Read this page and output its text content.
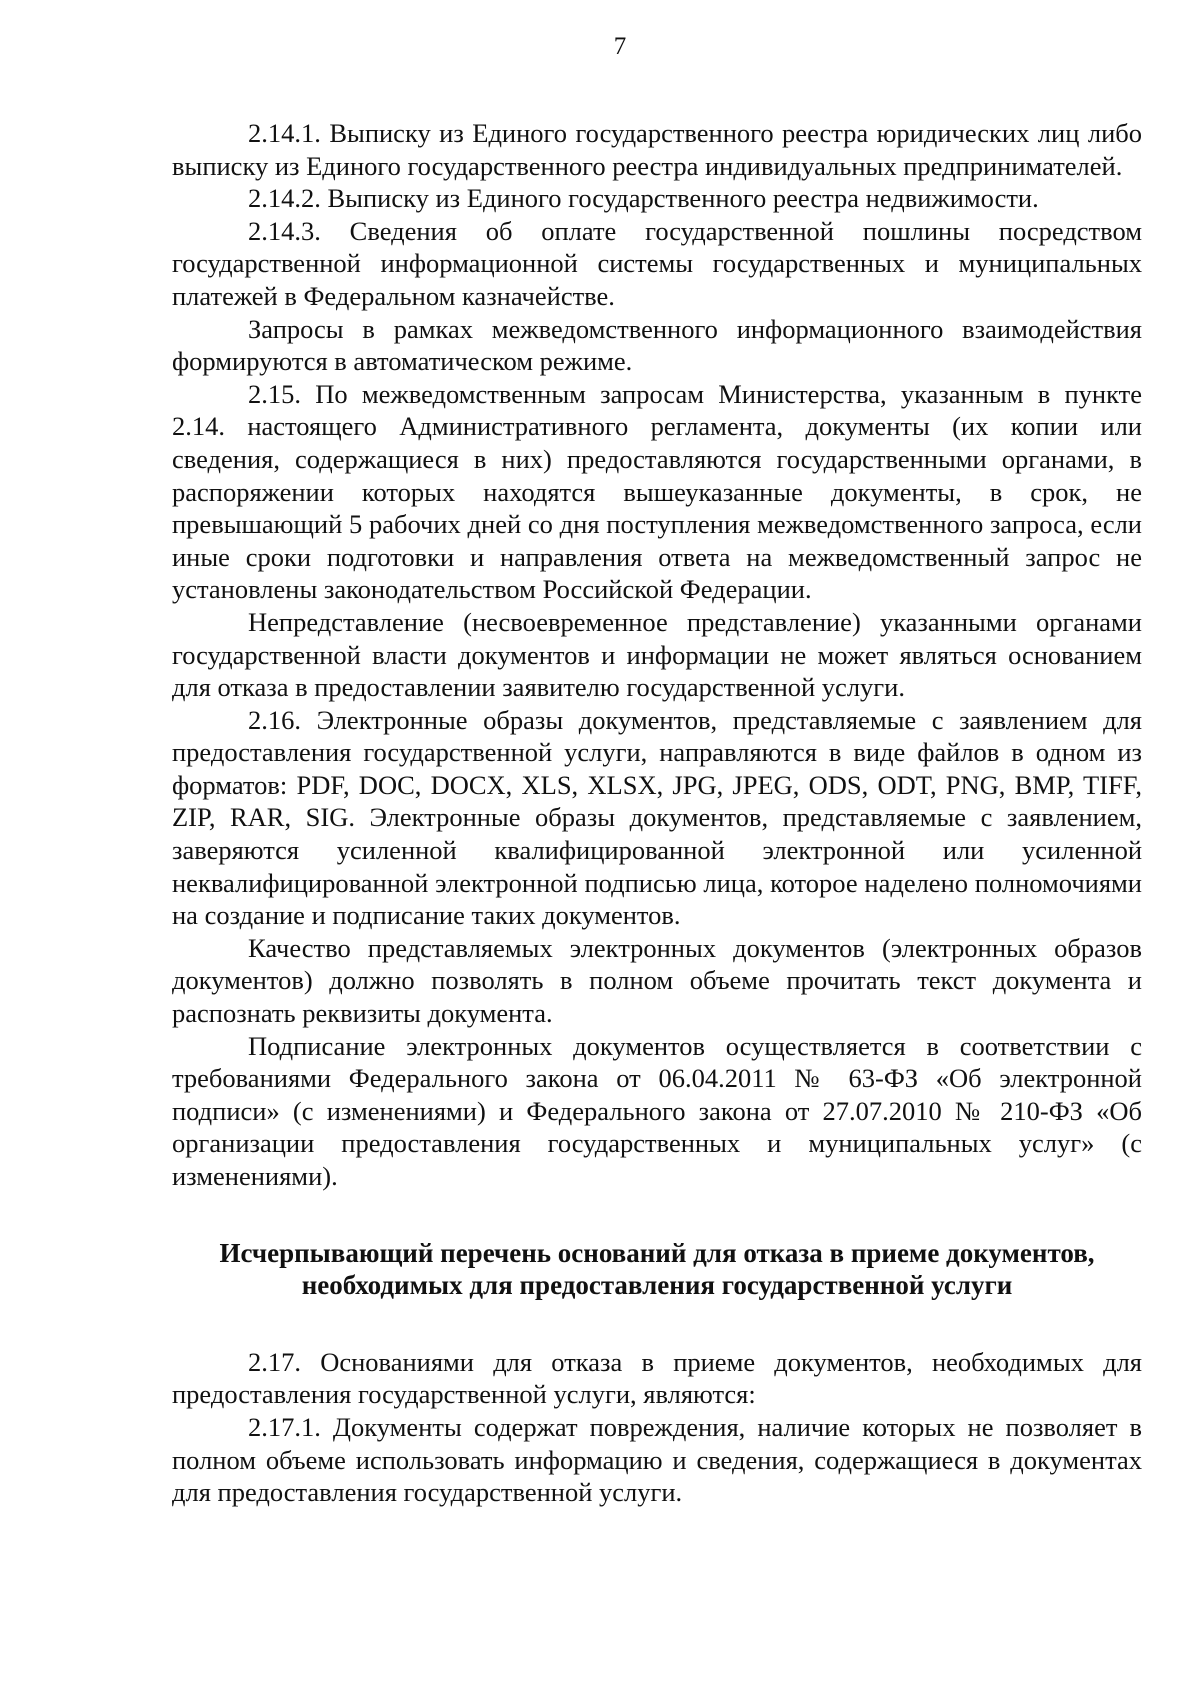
7

2.14.1. Выписку из Единого государственного реестра юридических лиц либо выписку из Единого государственного реестра индивидуальных предпринимателей.

2.14.2. Выписку из Единого государственного реестра недвижимости.

2.14.3. Сведения об оплате государственной пошлины посредством государственной информационной системы государственных и муниципальных платежей в Федеральном казначействе.

Запросы в рамках межведомственного информационного взаимодействия формируются в автоматическом режиме.

2.15. По межведомственным запросам Министерства, указанным в пункте 2.14. настоящего Административного регламента, документы (их копии или сведения, содержащиеся в них) предоставляются государственными органами, в распоряжении которых находятся вышеуказанные документы, в срок, не превышающий 5 рабочих дней со дня поступления межведомственного запроса, если иные сроки подготовки и направления ответа на межведомственный запрос не установлены законодательством Российской Федерации.

Непредставление (несвоевременное представление) указанными органами государственной власти документов и информации не может являться основанием для отказа в предоставлении заявителю государственной услуги.

2.16. Электронные образы документов, представляемые с заявлением для предоставления государственной услуги, направляются в виде файлов в одном из форматов: PDF, DOC, DOCX, XLS, XLSX, JPG, JPEG, ODS, ODT, PNG, BMP, TIFF, ZIP, RAR, SIG. Электронные образы документов, представляемые с заявлением, заверяются усиленной квалифицированной электронной или усиленной неквалифицированной электронной подписью лица, которое наделено полномочиями на создание и подписание таких документов.

Качество представляемых электронных документов (электронных образов документов) должно позволять в полном объеме прочитать текст документа и распознать реквизиты документа.

Подписание электронных документов осуществляется в соответствии с требованиями Федерального закона от 06.04.2011 № 63-ФЗ «Об электронной подписи» (с изменениями) и Федерального закона от 27.07.2010 № 210-ФЗ «Об организации предоставления государственных и муниципальных услуг» (с изменениями).

Исчерпывающий перечень оснований для отказа в приеме документов,
необходимых для предоставления государственной услуги

2.17. Основаниями для отказа в приеме документов, необходимых для предоставления государственной услуги, являются:

2.17.1. Документы содержат повреждения, наличие которых не позволяет в полном объеме использовать информацию и сведения, содержащиеся в документах для предоставления государственной услуги.
